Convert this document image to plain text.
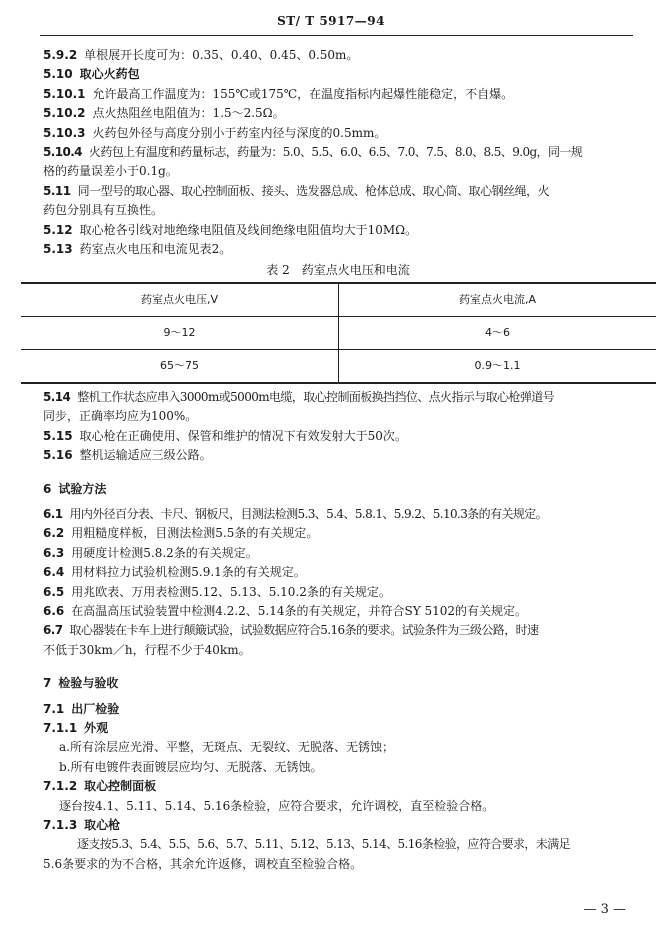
ST/ T 5917—94
5.9.2 单根展开长度可为：0.35、0.40、0.45、0.50m。
5.10 取心火药包
5.10.1 允许最高工作温度为：155℃或175℃，在温度指标内起爆性能稳定，不自爆。
5.10.2 点火热阻丝电阻值为：1.5～2.5Ω。
5.10.3 火药包外径与高度分别小于药室内径与深度的0.5mm。
5.10.4 火药包上有温度和药量标志，药量为：5.0、5.5、6.0、6.5、7.0、7.5、8.0、8.5、9.0g，同一规
格的药量误差小于0.1g。
5.11 同一型号的取心器、取心控制面板、接头、选发器总成、枪体总成、取心筒、取心钢丝绳，火
药包分别具有互换性。
5.12 取心枪各引线对地绝缘电阻值及线间绝缘电阻值均大于10MΩ。
5.13 药室点火电压和电流见表2。
表 2　药室点火电压和电流
药室点火电压,V	药室点火电流,A
9～12	4～6
65～75	0.9～1.1
5.14 整机工作状态应串入3000m或5000m电缆，取心控制面板换挡挡位、点火指示与取心枪弹道号
同步，正确率均应为100%。
5.15 取心枪在正确使用、保管和维护的情况下有效发射大于50次。
5.16 整机运输适应三级公路。
6 试验方法
6.1 用内外径百分表、卡尺、钢板尺，目测法检测5.3、5.4、5.8.1、5.9.2、5.10.3条的有关规定。
6.2 用粗糙度样板，目测法检测5.5条的有关规定。
6.3 用硬度计检测5.8.2条的有关规定。
6.4 用材料拉力试验机检测5.9.1条的有关规定。
6.5 用兆欧表、万用表检测5.12、5.13、5.10.2条的有关规定。
6.6 在高温高压试验装置中检测4.2.2、5.14条的有关规定，并符合SY 5102的有关规定。
6.7 取心器装在卡车上进行颠簸试验，试验数据应符合5.16条的要求。试验条件为三级公路，时速
不低于30km／h，行程不少于40km。
7 检验与验收
7.1 出厂检验
7.1.1 外观
a.所有涂层应光滑、平整，无斑点、无裂纹、无脱落、无锈蚀；
b.所有电镀件表面镀层应均匀、无脱落、无锈蚀。
7.1.2 取心控制面板
逐台按4.1、5.11、5.14、5.16条检验，应符合要求，允许调校，直至检验合格。
7.1.3 取心枪
逐支按5.3、5.4、5.5、5.6、5.7、5.11、5.12、5.13、5.14、5.16条检验，应符合要求，未满足
5.6条要求的为不合格，其余允许返修，调校直至检验合格。
— 3 —
